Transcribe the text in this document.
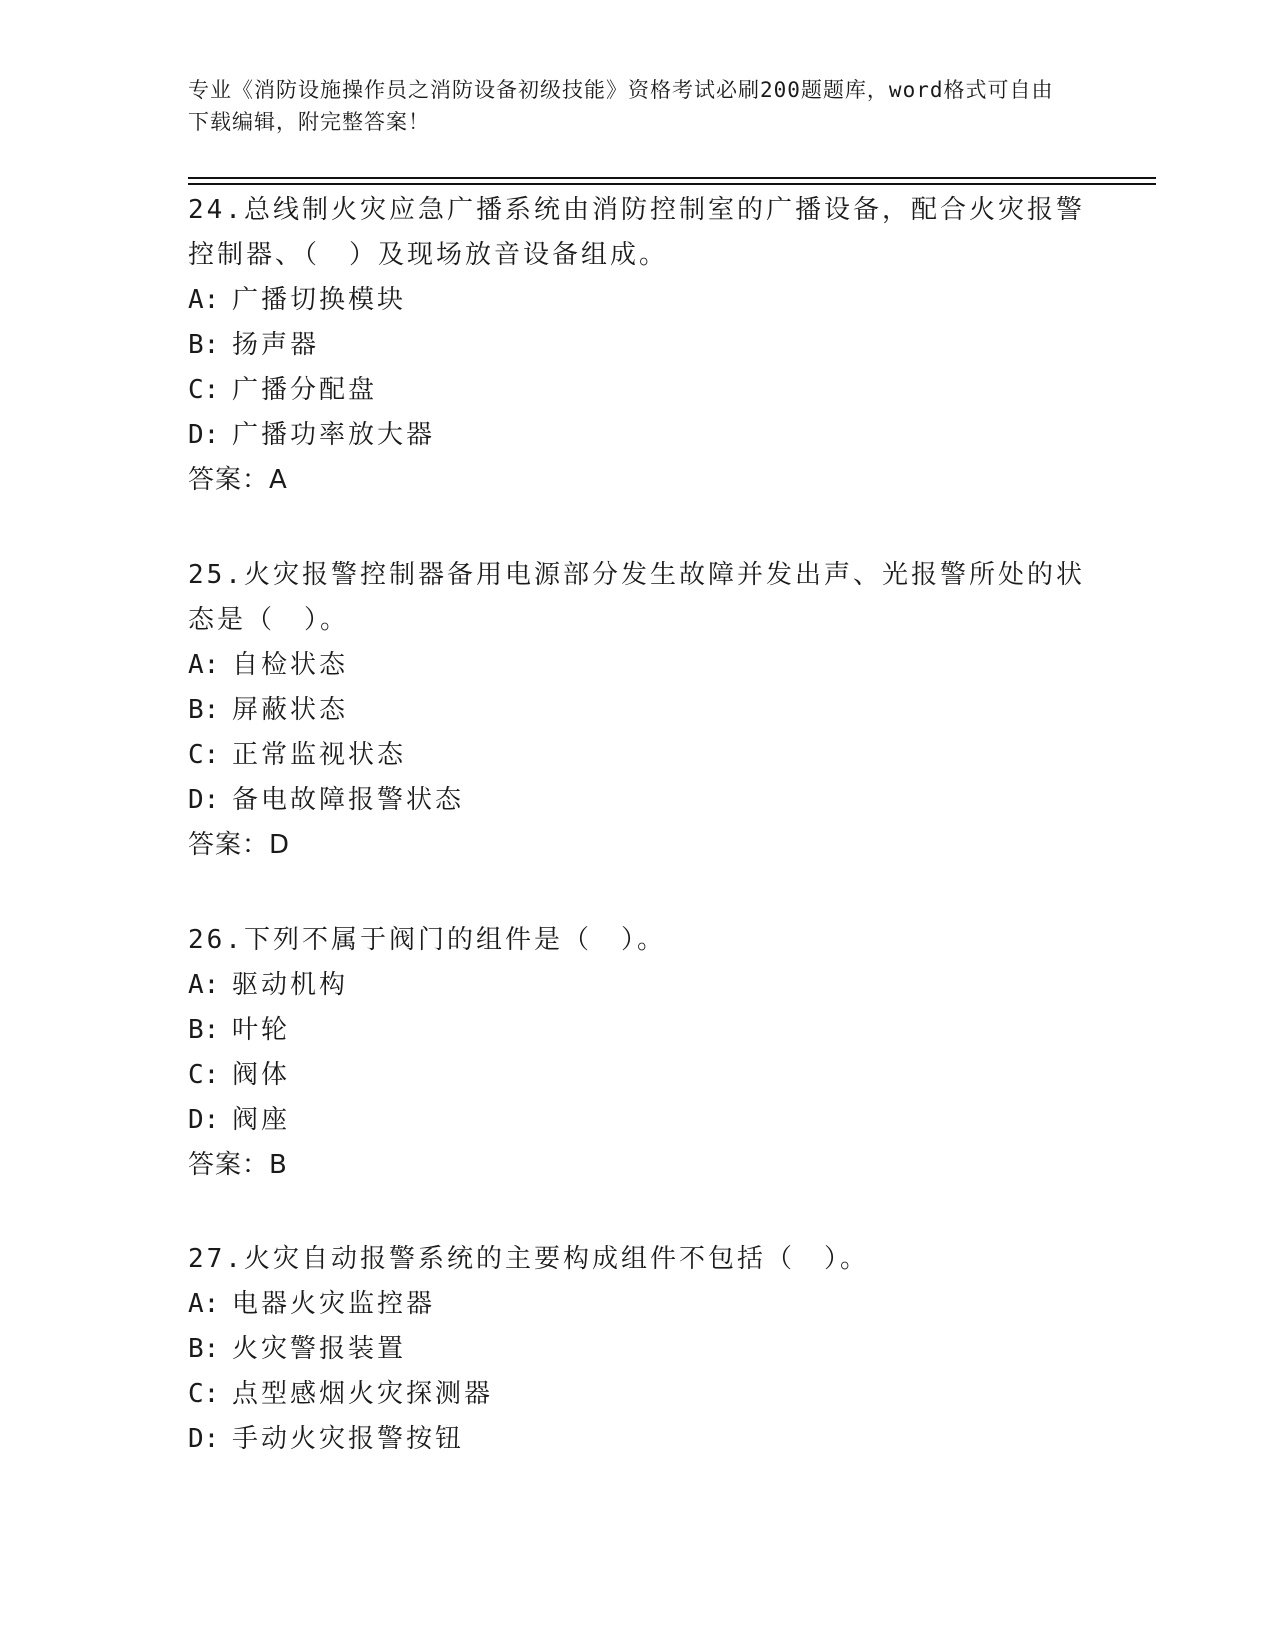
专业《消防设施操作员之消防设备初级技能》资格考试必刷200题题库，word格式可自由下载编辑，附完整答案！

24.总线制火灾应急广播系统由消防控制室的广播设备，配合火灾报警控制器、（　）及现场放音设备组成。

A: 广播切换模块

B: 扬声器

C: 广播分配盘

D: 广播功率放大器

答案：A

25.火灾报警控制器备用电源部分发生故障并发出声、光报警所处的状态是（　）。

A: 自检状态

B: 屏蔽状态

C: 正常监视状态

D: 备电故障报警状态

答案：D

26.下列不属于阀门的组件是（　）。

A: 驱动机构

B: 叶轮

C: 阀体

D: 阀座

答案：B

27.火灾自动报警系统的主要构成组件不包括（　）。

A: 电器火灾监控器

B: 火灾警报装置

C: 点型感烟火灾探测器

D: 手动火灾报警按钮
